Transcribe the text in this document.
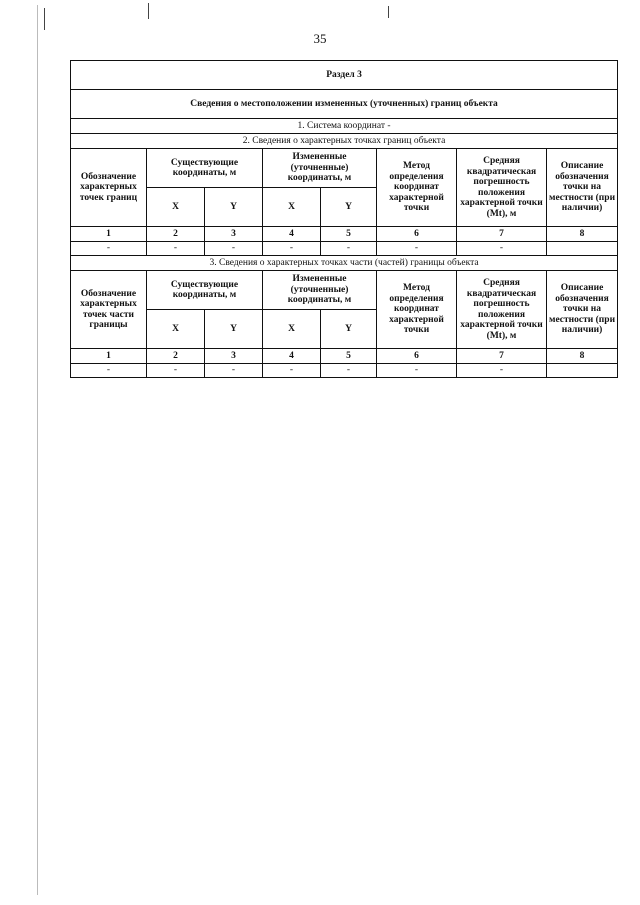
35
Раздел 3							
Сведения о местоположении измененных (уточненных) границ объекта							
1. Система координат -							
2. Сведения о характерных точках границ объекта							
Обозначение характерных точек границ	Существующие координаты, м		Измененные (уточненные) координаты, м		Метод определения координат характерной точки	Средняя квадратическая погрешность положения характерной точки (Mt), м	Описание обозначения точки на местности (при наличии)
	X	Y	X	Y			
1	2	3	4	5	6	7	8
-	-	-	-	-	-	-	
3. Сведения о характерных точках части (частей) границы объекта							
Обозначение характерных точек части границы	Существующие координаты, м		Измененные (уточненные) координаты, м		Метод определения координат характерной точки	Средняя квадратическая погрешность положения характерной точки (Mt), м	Описание обозначения точки на местности (при наличии)
	X	Y	X	Y			
1	2	3	4	5	6	7	8
-	-	-	-	-	-	-	
